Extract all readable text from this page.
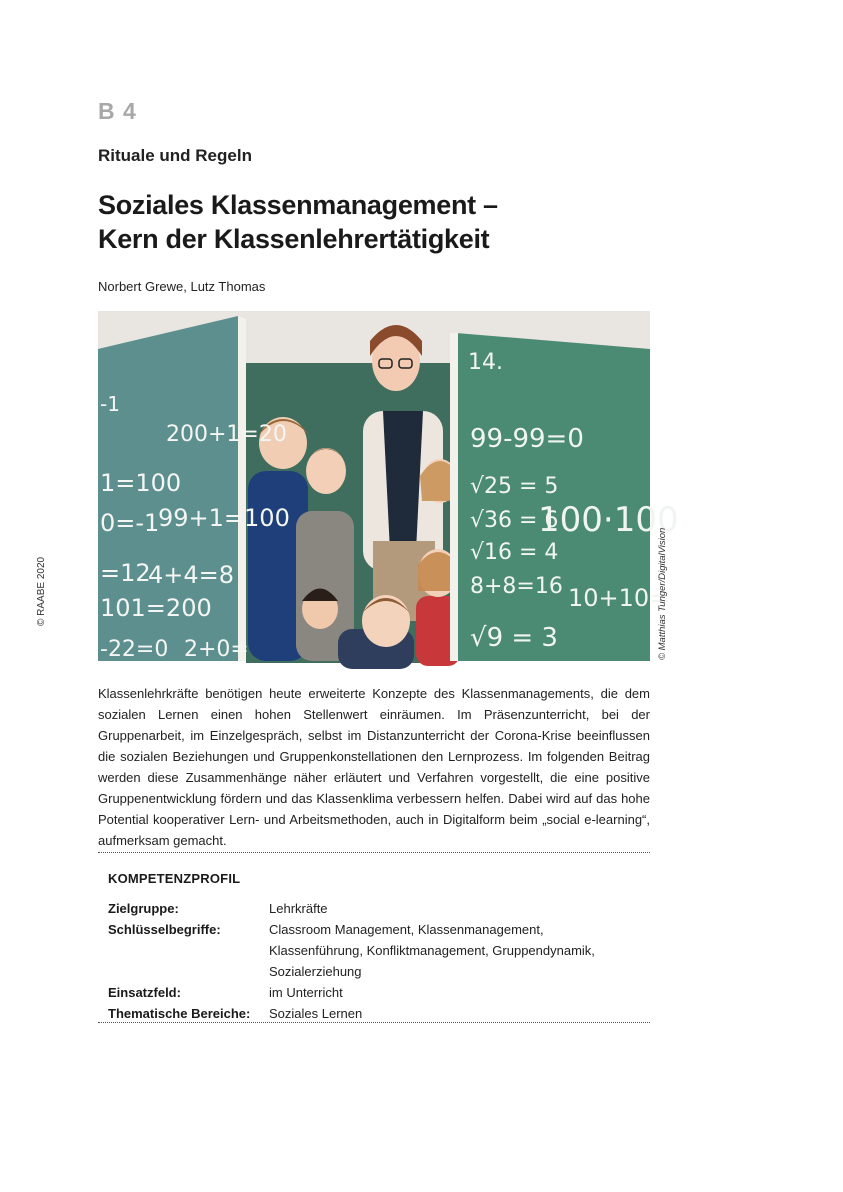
B 4
Rituale und Regeln
Soziales Klassenmanagement –
Kern der Klassenlehrertätigkeit
Norbert Grewe, Lutz Thomas
© RAABE 2020
-1
200+1=20
1=100
99+1=100
0=-1
=12
4+4=8
101=200
-22=0 2+0=
14.
99-99=0
√25 = 5
√36 = 6
100·100
√16 = 4
8+8=16 10+10=
√9 = 3	© Matthias Tunger/DigitalVision
Klassenlehrkräfte benötigen heute erweiterte Konzepte des Klassenmanagements, die dem sozialen Lernen einen hohen Stellenwert einräumen. Im Präsenzunterricht, bei der Gruppenarbeit, im Einzelgespräch, selbst im Distanzunterricht der Corona-Krise beeinflussen die sozialen Beziehungen und Gruppenkonstellationen den Lernprozess. Im folgenden Beitrag werden diese Zusammenhänge näher erläutert und Verfahren vorgestellt, die eine positive Gruppenentwicklung fördern und das Klassenklima verbessern helfen. Dabei wird auf das hohe Potential kooperativer Lern- und Arbeitsmethoden, auch in Digitalform beim „social e-learning“, aufmerksam gemacht.
KOMPETENZPROFIL
Zielgruppe:	Lehrkräfte
Schlüsselbegriffe:	Classroom Management, Klassenmanagement, Klassenführung, Konfliktmanagement, Gruppendynamik, Sozialerziehung
Einsatzfeld:	im Unterricht
Thematische Bereiche:	Soziales Lernen
